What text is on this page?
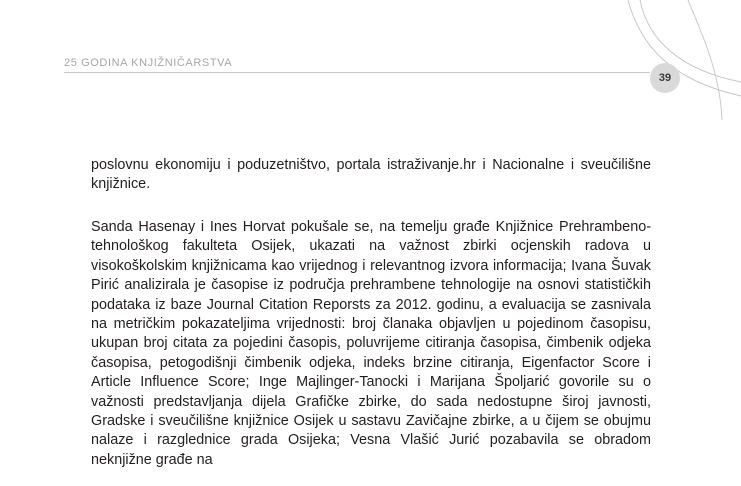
25 GODINA KNJIŽNIČARSTVA
39

poslovnu ekonomiju i poduzetništvo, portala istraživanje.hr i Nacionalne i sveučilišne knjižnice.

Sanda Hasenay i Ines Horvat pokušale se, na temelju građe Knjižnice Prehrambeno-tehnološkog fakulteta Osijek, ukazati na važnost zbirki ocjenskih radova u visokoškolskim knjižnicama kao vrijednog i relevantnog izvora informacija; Ivana Šuvak Pirić analizirala je časopise iz područja prehrambene tehnologije na osnovi statističkih podataka iz baze Journal Citation Reporsts za 2012. godinu, a evaluacija se zasnivala na metričkim pokazateljima vrijednosti: broj članaka objavljen u pojedinom časopisu, ukupan broj citata za pojedini časopis, poluvrijeme citiranja časopisa, čimbenik odjeka časopisa, petogodišnji čimbenik odjeka, indeks brzine citiranja, Eigenfactor Score i Article Influence Score; Inge Majlinger-Tanocki i Marijana Špoljarić govorile su o važnosti predstavljanja dijela Grafičke zbirke, do sada nedostupne široj javnosti, Gradske i sveučilišne knjižnice Osijek u sastavu Zavičajne zbirke, a u čijem se obujmu nalaze i razglednice grada Osijeka; Vesna Vlašić Jurić pozabavila se obradom neknjižne građe na
